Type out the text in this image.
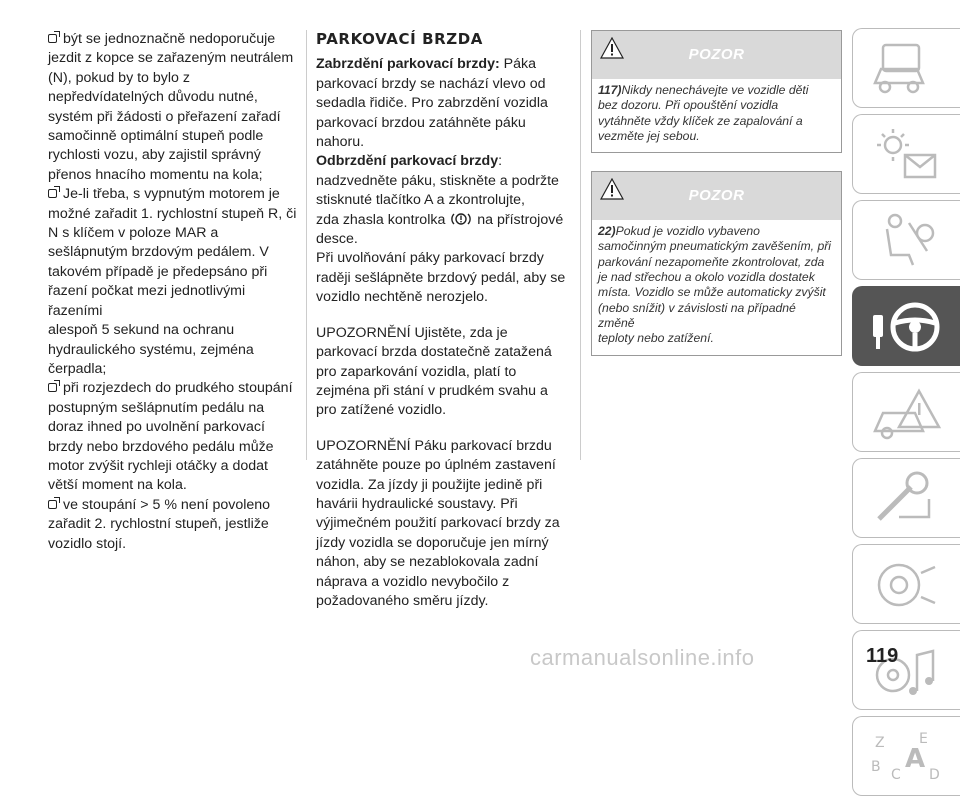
být se jednoznačně nedoporučuje
jezdit z kopce se zařazeným neutrálem
(N), pokud by to bylo z
nepředvídatelných důvodu nutné,
systém při žádosti o přeřazení zařadí
samočinně optimální stupeň podle
rychlosti vozu, aby zajistil správný
přenos hnacího momentu na kola;

Je-li třeba, s vypnutým motorem je
možné zařadit 1. rychlostní stupeň R, či
N s klíčem v poloze MAR a
sešlápnutým brzdovým pedálem. V
takovém případě je předepsáno při
řazení počkat mezi jednotlivými řazeními
alespoň 5 sekund na ochranu
hydraulického systému, zejména
čerpadla;

při rozjezdech do prudkého stoupání
postupným sešlápnutím pedálu na
doraz ihned po uvolnění parkovací
brzdy nebo brzdového pedálu může
motor zvýšit rychleji otáčky a dodat
větší moment na kola.

ve stoupání > 5 % není povoleno
zařadit 2. rychlostní stupeň, jestliže
vozidlo stojí.

PARKOVACÍ BRZDA

Zabrzdění parkovací brzdy: Páka
parkovací brzdy se nachází vlevo od
sedadla řidiče. Pro zabrzdění vozidla
parkovací brzdou zatáhněte páku
nahoru.

Odbrzdění parkovací brzdy:
nadzvedněte páku, stiskněte a podržte
stisknuté tlačítko A a zkontrolujte,
zda zhasla kontrolka na přístrojové
desce.
Při uvolňování páky parkovací brzdy
raději sešlápněte brzdový pedál, aby se
vozidlo nechtěně nerozjelo.

UPOZORNĚNÍ Ujistěte, zda je
parkovací brzda dostatečně zatažená
pro zaparkování vozidla, platí to
zejména při stání v prudkém svahu a
pro zatížené vozidlo.

UPOZORNĚNÍ Páku parkovací brzdu
zatáhněte pouze po úplném zastavení
vozidla. Za jízdy ji použijte jedině při
havárii hydraulické soustavy. Při
výjimečném použití parkovací brzdy za
jízdy vozidla se doporučuje jen mírný
náhon, aby se nezablokovala zadní
náprava a vozidlo nevybočilo z
požadovaného směru jízdy.

POZOR
117)Nikdy nenechávejte ve vozidle děti
bez dozoru. Při opouštění vozidla
vytáhněte vždy klíček ze zapalování a
vezměte jej sebou.
POZOR
22)Pokud je vozidlo vybaveno
samočinným pneumatickým zavěšením, při
parkování nezapomeňte zkontrolovat, zda
je nad střechou a okolo vozidla dostatek
místa. Vozidlo se může automaticky zvýšit
(nebo snížit) v závislosti na případné změně
teploty nebo zatížení.
Z E
B C
A
D
carmanualsonline.info	119
